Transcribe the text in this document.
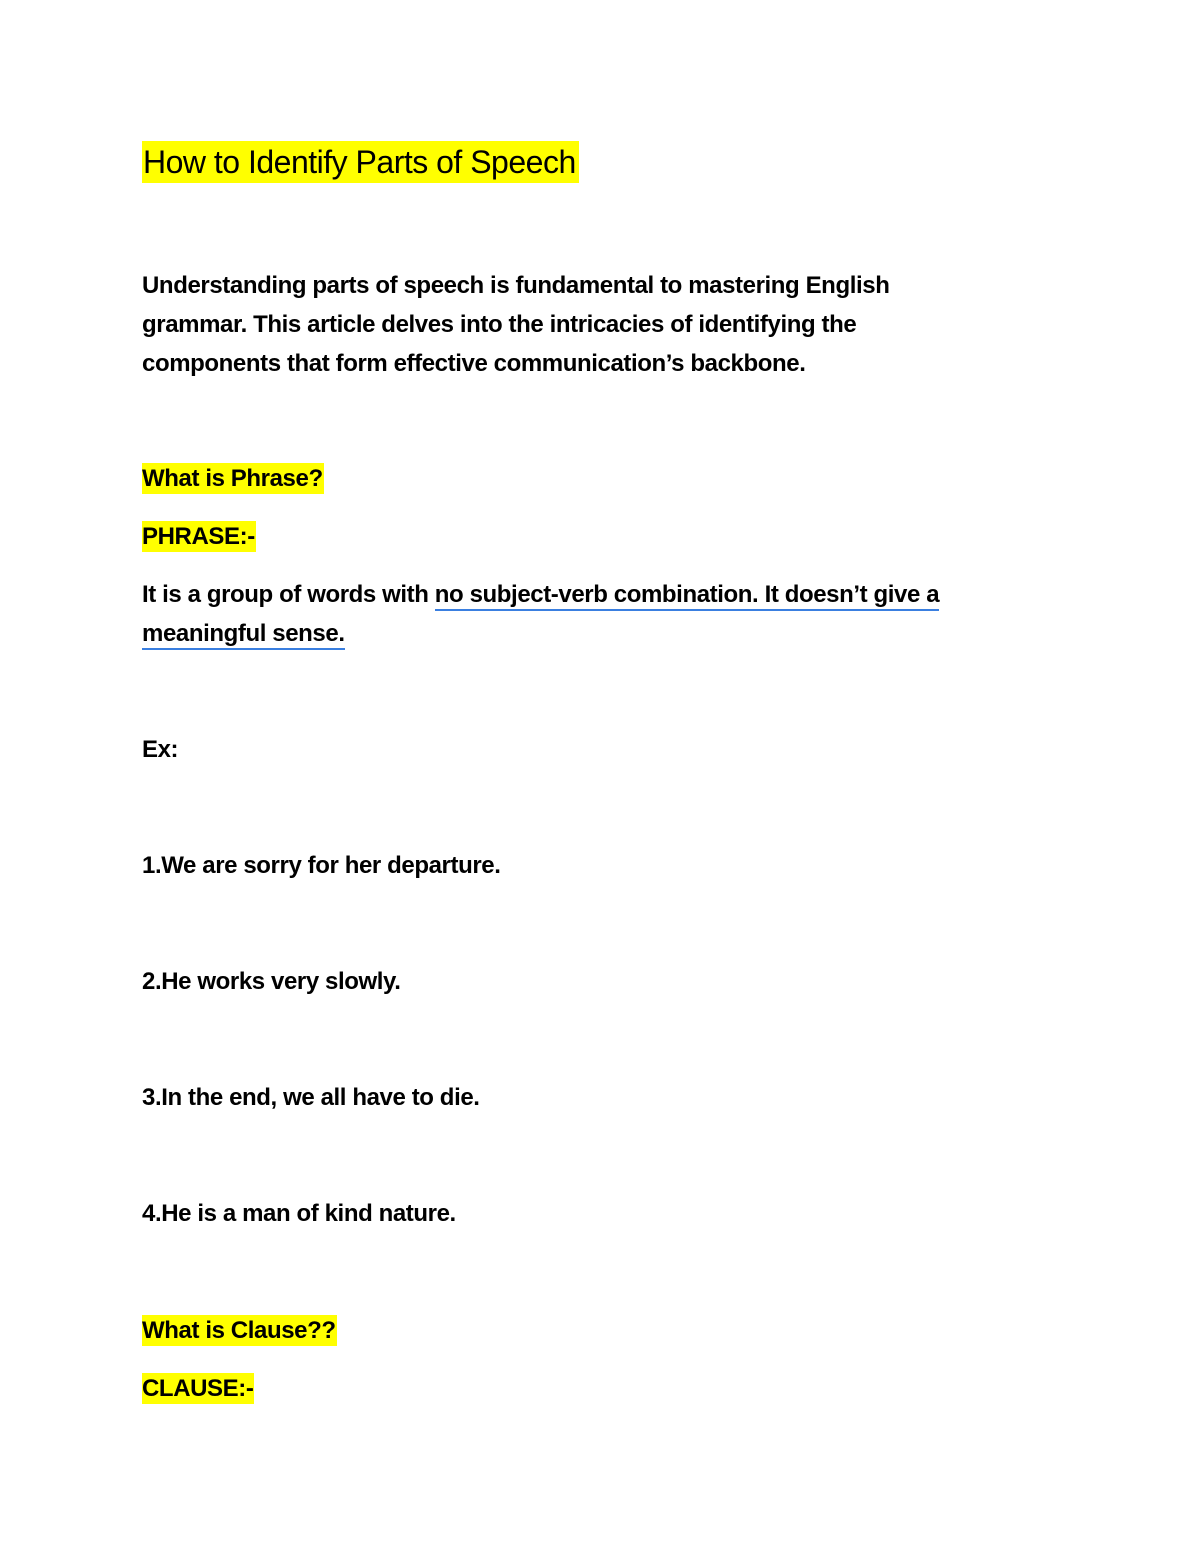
How to Identify Parts of Speech
Understanding parts of speech is fundamental to mastering English
grammar. This article delves into the intricacies of identifying the
components that form effective communication’s backbone.
What is Phrase?
PHRASE:-
It is a group of words with no subject-verb combination. It doesn’t give a
meaningful sense.
Ex:
1.We are sorry for her departure.
2.He works very slowly.
3.In the end, we all have to die.
4.He is a man of kind nature.
What is Clause??
CLAUSE:-
